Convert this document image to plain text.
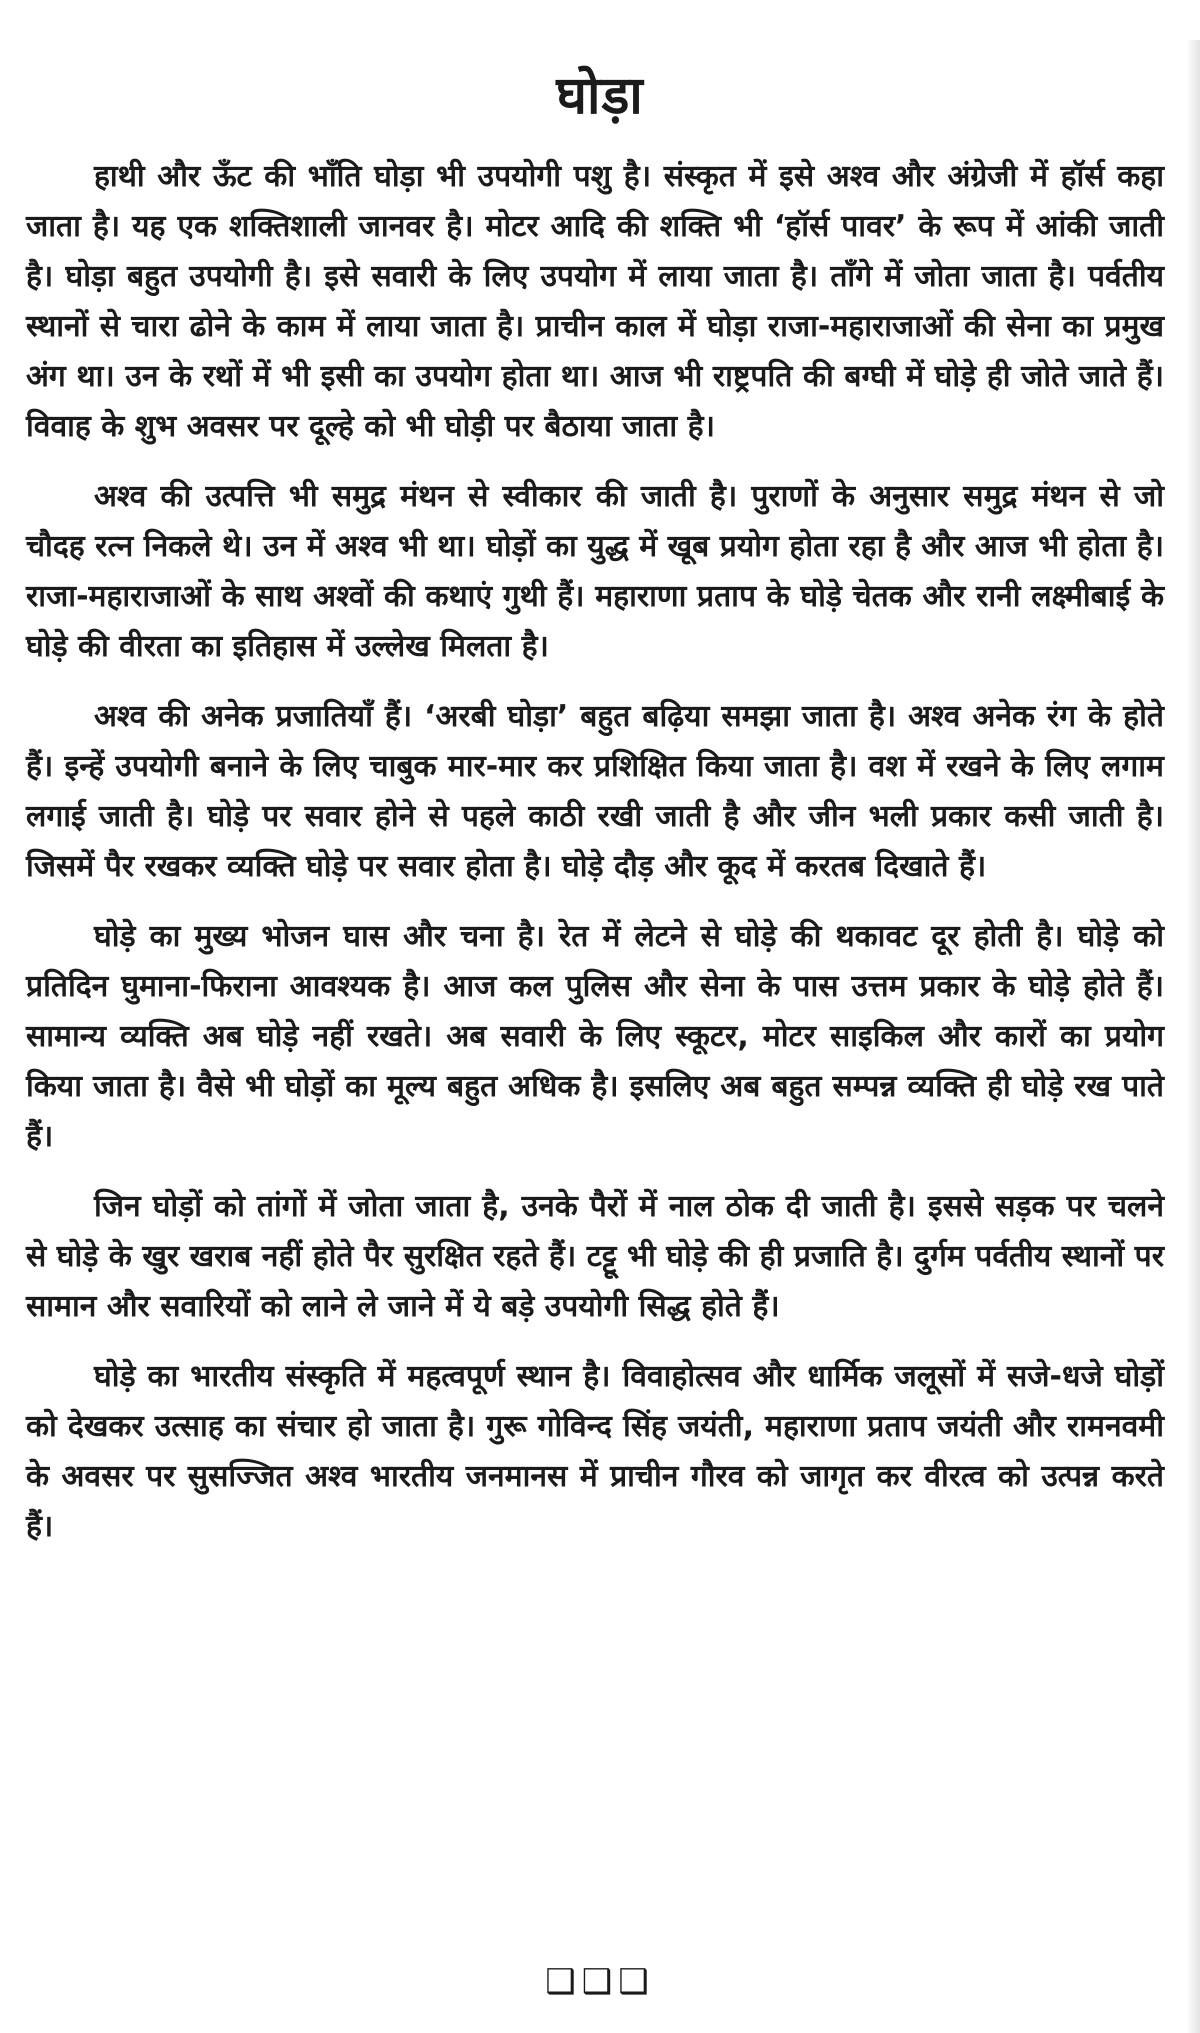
घोड़ा

हाथी और ऊँट की भाँति घोड़ा भी उपयोगी पशु है। संस्कृत में इसे अश्व और अंग्रेजी में हॉर्स कहा जाता है। यह एक शक्तिशाली जानवर है। मोटर आदि की शक्ति भी ‘हॉर्स पावर’ के रूप में आंकी जाती है। घोड़ा बहुत उपयोगी है। इसे सवारी के लिए उपयोग में लाया जाता है। ताँगे में जोता जाता है। पर्वतीय स्थानों से चारा ढोने के काम में लाया जाता है। प्राचीन काल में घोड़ा राजा-महाराजाओं की सेना का प्रमुख अंग था। उन के रथों में भी इसी का उपयोग होता था। आज भी राष्ट्रपति की बग्घी में घोड़े ही जोते जाते हैं। विवाह के शुभ अवसर पर दूल्हे को भी घोड़ी पर बैठाया जाता है।

अश्व की उत्पत्ति भी समुद्र मंथन से स्वीकार की जाती है। पुराणों के अनुसार समुद्र मंथन से जो चौदह रत्न निकले थे। उन में अश्व भी था। घोड़ों का युद्ध में खूब प्रयोग होता रहा है और आज भी होता है। राजा-महाराजाओं के साथ अश्वों की कथाएं गुथी हैं। महाराणा प्रताप के घोड़े चेतक और रानी लक्ष्मीबाई के घोड़े की वीरता का इतिहास में उल्लेख मिलता है।

अश्व की अनेक प्रजातियाँ हैं। ‘अरबी घोड़ा’ बहुत बढ़िया समझा जाता है। अश्व अनेक रंग के होते हैं। इन्हें उपयोगी बनाने के लिए चाबुक मार-मार कर प्रशिक्षित किया जाता है। वश में रखने के लिए लगाम लगाई जाती है। घोड़े पर सवार होने से पहले काठी रखी जाती है और जीन भली प्रकार कसी जाती है। जिसमें पैर रखकर व्यक्ति घोड़े पर सवार होता है। घोड़े दौड़ और कूद में करतब दिखाते हैं।

घोड़े का मुख्य भोजन घास और चना है। रेत में लेटने से घोड़े की थकावट दूर होती है। घोड़े को प्रतिदिन घुमाना-फिराना आवश्यक है। आज कल पुलिस और सेना के पास उत्तम प्रकार के घोड़े होते हैं। सामान्य व्यक्ति अब घोड़े नहीं रखते। अब सवारी के लिए स्कूटर, मोटर साइकिल और कारों का प्रयोग किया जाता है। वैसे भी घोड़ों का मूल्य बहुत अधिक है। इसलिए अब बहुत सम्पन्न व्यक्ति ही घोड़े रख पाते हैं।

जिन घोड़ों को तांगों में जोता जाता है, उनके पैरों में नाल ठोक दी जाती है। इससे सड़क पर चलने से घोड़े के खुर खराब नहीं होते पैर सुरक्षित रहते हैं। टट्टू भी घोड़े की ही प्रजाति है। दुर्गम पर्वतीय स्थानों पर सामान और सवारियों को लाने ले जाने में ये बड़े उपयोगी सिद्ध होते हैं।

घोड़े का भारतीय संस्कृति में महत्वपूर्ण स्थान है। विवाहोत्सव और धार्मिक जलूसों में सजे-धजे घोड़ों को देखकर उत्साह का संचार हो जाता है। गुरू गोविन्द सिंह जयंती, महाराणा प्रताप जयंती और रामनवमी के अवसर पर सुसज्जित अश्व भारतीय जनमानस में प्राचीन गौरव को जागृत कर वीरत्व को उत्पन्न करते हैं।

❑❑❑
